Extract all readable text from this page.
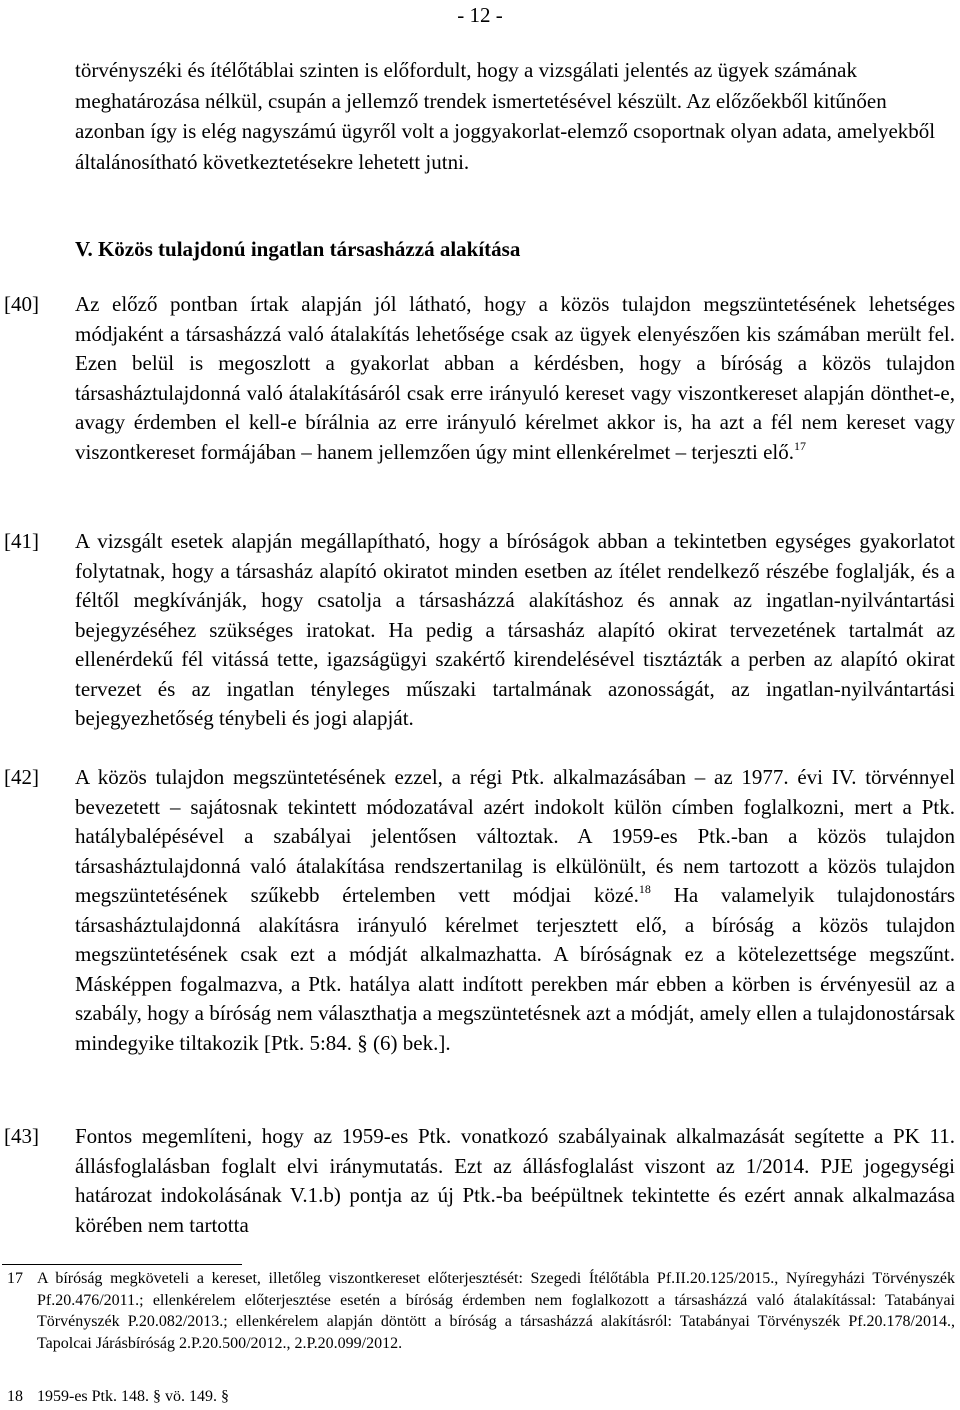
- 12 -

törvényszéki és ítélőtáblai szinten is előfordult, hogy a vizsgálati jelentés az ügyek számának meghatározása nélkül, csupán a jellemző trendek ismertetésével készült. Az előzőekből kitűnően azonban így is elég nagyszámú ügyről volt a joggyakorlat-elemző csoportnak olyan adata, amelyekből általánosítható következtetésekre lehetett jutni.

V. Közös tulajdonú ingatlan társasházzá alakítása
[40] Az előző pontban írtak alapján jól látható, hogy a közös tulajdon megszüntetésének lehetséges módjaként a társasházzá való átalakítás lehetősége csak az ügyek elenyészően kis számában merült fel. Ezen belül is megoszlott a gyakorlat abban a kérdésben, hogy a bíróság a közös tulajdon társasháztulajdonná való átalakításáról csak erre irányuló kereset vagy viszontkereset alapján dönthet-e, avagy érdemben el kell-e bírálnia az erre irányuló kérelmet akkor is, ha azt a fél nem kereset vagy viszontkereset formájában – hanem jellemzően úgy mint ellenkérelmet – terjeszti elő.$^{17}$
[41] A vizsgált esetek alapján megállapítható, hogy a bíróságok abban a tekintetben egységes gyakorlatot folytatnak, hogy a társasház alapító okiratot minden esetben az ítélet rendelkező részébe foglalják, és a féltől megkívánják, hogy csatolja a társasházzá alakításhoz és annak az ingatlan-nyilvántartási bejegyzéséhez szükséges iratokat. Ha pedig a társasház alapító okirat tervezetének tartalmát az ellenérdekű fél vitássá tette, igazságügyi szakértő kirendelésével tisztázták a perben az alapító okirat tervezet és az ingatlan tényleges műszaki tartalmának azonosságát, az ingatlan-nyilvántartási bejegyezhetőség ténybeli és jogi alapját.
[42] A közös tulajdon megszüntetésének ezzel, a régi Ptk. alkalmazásában – az 1977. évi IV. törvénnyel bevezetett – sajátosnak tekintett módozatával azért indokolt külön címben foglalkozni, mert a Ptk. hatálybalépésével a szabályai jelentősen változtak. A 1959-es Ptk.-ban a közös tulajdon társasháztulajdonná való átalakítása rendszertanilag is elkülönült, és nem tartozott a közös tulajdon megszüntetésének szűkebb értelemben vett módjai közé.$^{18}$ Ha valamelyik tulajdonostárs társasháztulajdonná alakításra irányuló kérelmet terjesztett elő, a bíróság a közös tulajdon megszüntetésének csak ezt a módját alkalmazhatta. A bíróságnak ez a kötelezettsége megszűnt. Másképpen fogalmazva, a Ptk. hatálya alatt indított perekben már ebben a körben is érvényesül az a szabály, hogy a bíróság nem választhatja a megszüntetésnek azt a módját, amely ellen a tulajdonostársak mindegyike tiltakozik [Ptk. 5:84. § (6) bek.].
[43] Fontos megemlíteni, hogy az 1959-es Ptk. vonatkozó szabályainak alkalmazását segítette a PK 11. állásfoglalásban foglalt elvi iránymutatás. Ezt az állásfoglalást viszont az 1/2014. PJE jogegységi határozat indokolásának V.1.b) pontja az új Ptk.-ba beépültnek tekintette és ezért annak alkalmazása körében nem tartotta
17 A bíróság megköveteli a kereset, illetőleg viszontkereset előterjesztését: Szegedi Ítélőtábla Pf.II.20.125/2015., Nyíregyházi Törvényszék Pf.20.476/2011.; ellenkérelem előterjesztése esetén a bíróság érdemben nem foglalkozott a társasházzá való átalakítással: Tatabányai Törvényszék P.20.082/2013.; ellenkérelem alapján döntött a bíróság a társasházzá alakításról: Tatabányai Törvényszék Pf.20.178/2014., Tapolcai Járásbíróság 2.P.20.500/2012., 2.P.20.099/2012.
18 1959-es Ptk. 148. § vö. 149. §
